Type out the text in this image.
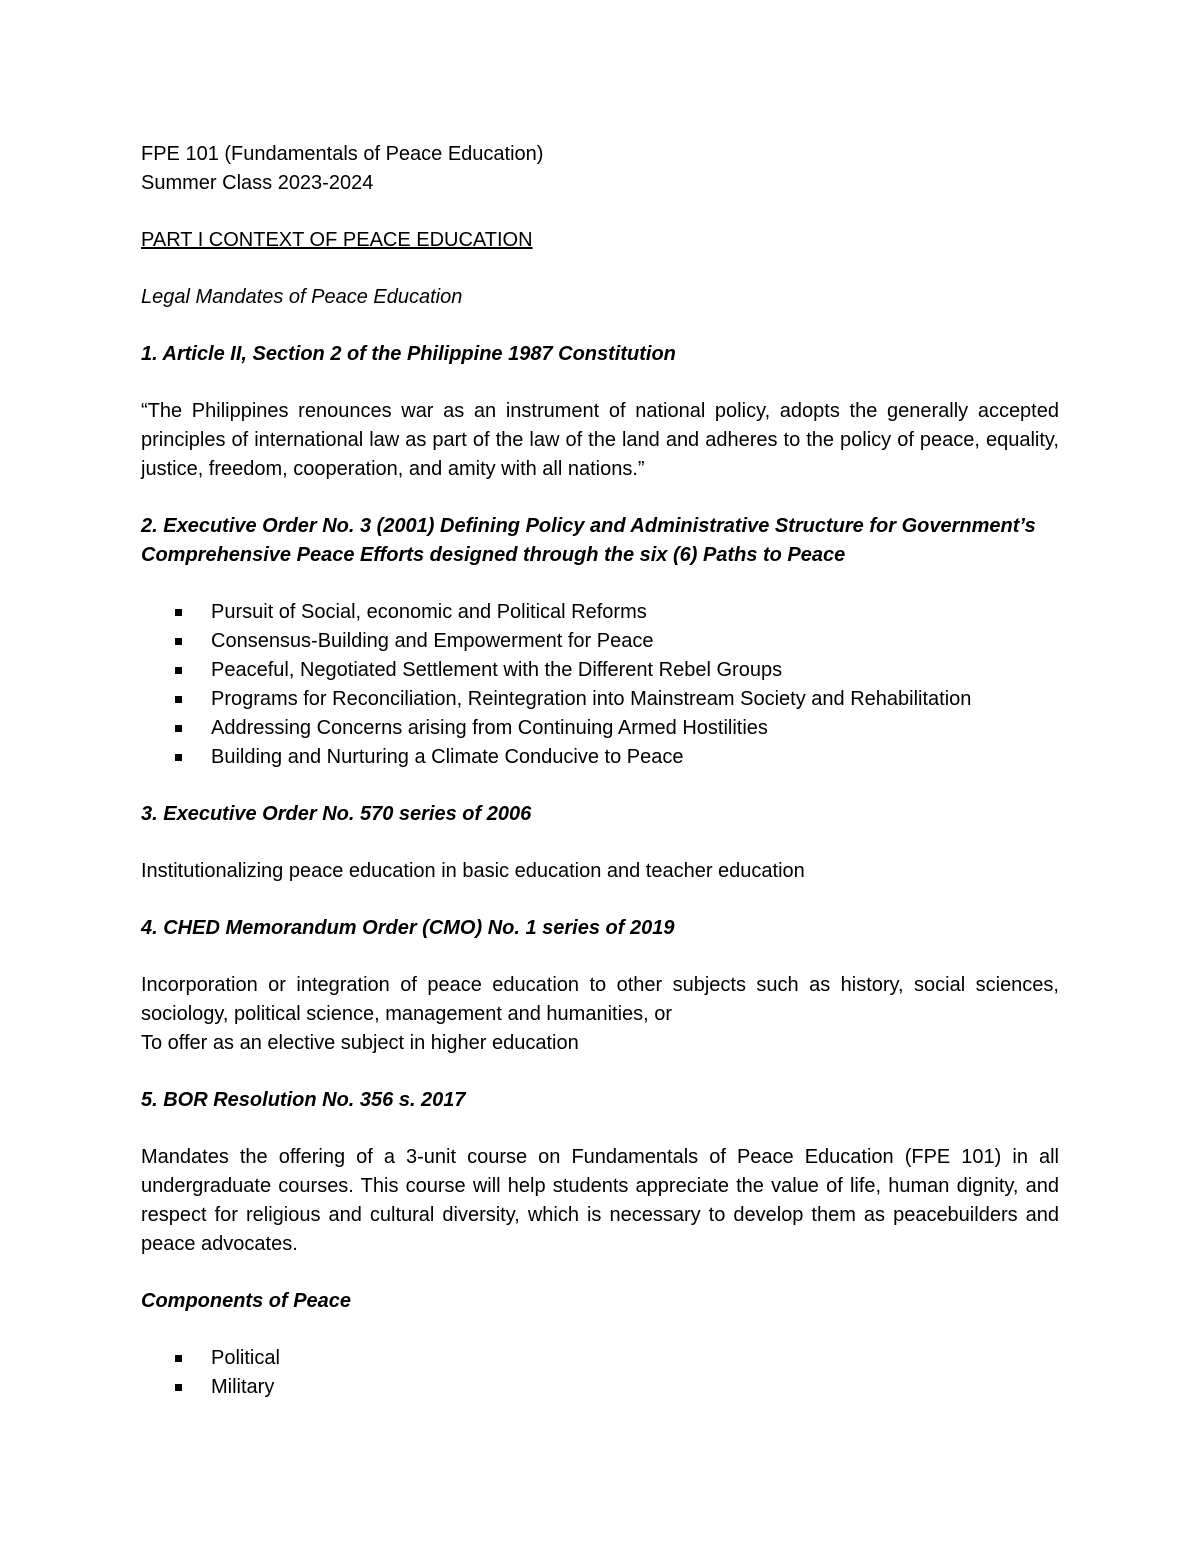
FPE 101 (Fundamentals of Peace Education)

Summer Class 2023-2024

PART I CONTEXT OF PEACE EDUCATION

Legal Mandates of Peace Education

1. Article II, Section 2 of the Philippine 1987 Constitution

“The Philippines renounces war as an instrument of national policy, adopts the generally accepted principles of international law as part of the law of the land and adheres to the policy of peace, equality, justice, freedom, cooperation, and amity with all nations.”

2. Executive Order No. 3 (2001) Defining Policy and Administrative Structure for Government’s Comprehensive Peace Efforts designed through the six (6) Paths to Peace

Pursuit of Social, economic and Political Reforms
Consensus-Building and Empowerment for Peace
Peaceful, Negotiated Settlement with the Different Rebel Groups
Programs for Reconciliation, Reintegration into Mainstream Society and Rehabilitation
Addressing Concerns arising from Continuing Armed Hostilities
Building and Nurturing a Climate Conducive to Peace

3. Executive Order No. 570 series of 2006

Institutionalizing peace education in basic education and teacher education

4. CHED Memorandum Order (CMO) No. 1 series of 2019

Incorporation or integration of peace education to other subjects such as history, social sciences, sociology, political science, management and humanities, or

To offer as an elective subject in higher education

5. BOR Resolution No. 356 s. 2017

Mandates the offering of a 3-unit course on Fundamentals of Peace Education (FPE 101) in all undergraduate courses. This course will help students appreciate the value of life, human dignity, and respect for religious and cultural diversity, which is necessary to develop them as peacebuilders and peace advocates.

Components of Peace

Political
Military
